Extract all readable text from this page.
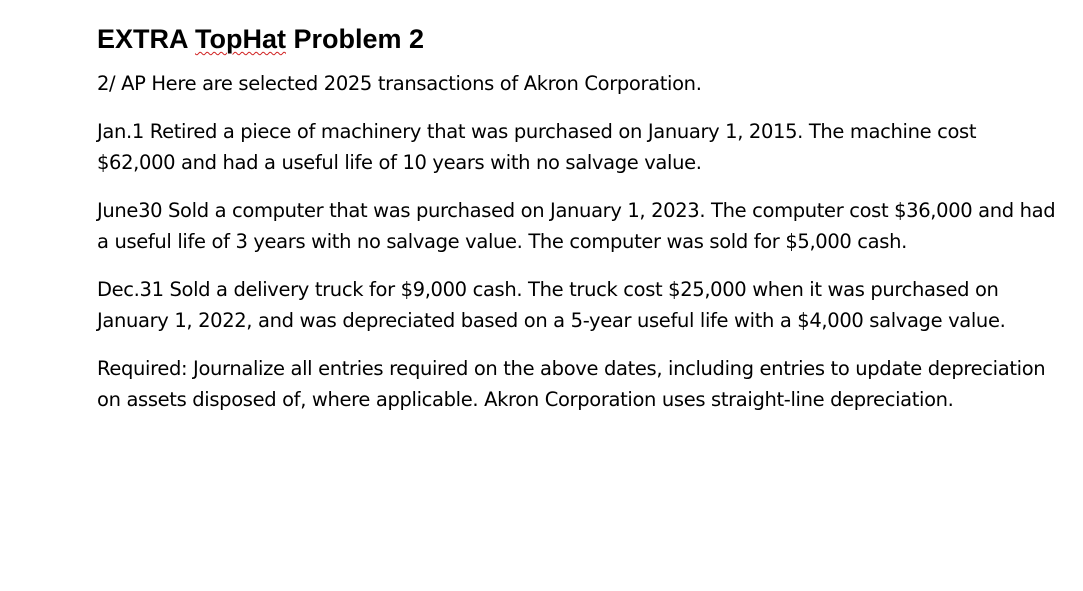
EXTRA TopHat Problem 2

2/ AP Here are selected 2025 transactions of Akron Corporation.

Jan.1 Retired a piece of machinery that was purchased on January 1, 2015. The machine cost $62,000 and had a useful life of 10 years with no salvage value.

June30 Sold a computer that was purchased on January 1, 2023. The computer cost $36,000 and had a useful life of 3 years with no salvage value. The computer was sold for $5,000 cash.

Dec.31 Sold a delivery truck for $9,000 cash. The truck cost $25,000 when it was purchased on January 1, 2022, and was depreciated based on a 5-year useful life with a $4,000 salvage value.

Required: Journalize all entries required on the above dates, including entries to update depreciation on assets disposed of, where applicable. Akron Corporation uses straight-line depreciation.
